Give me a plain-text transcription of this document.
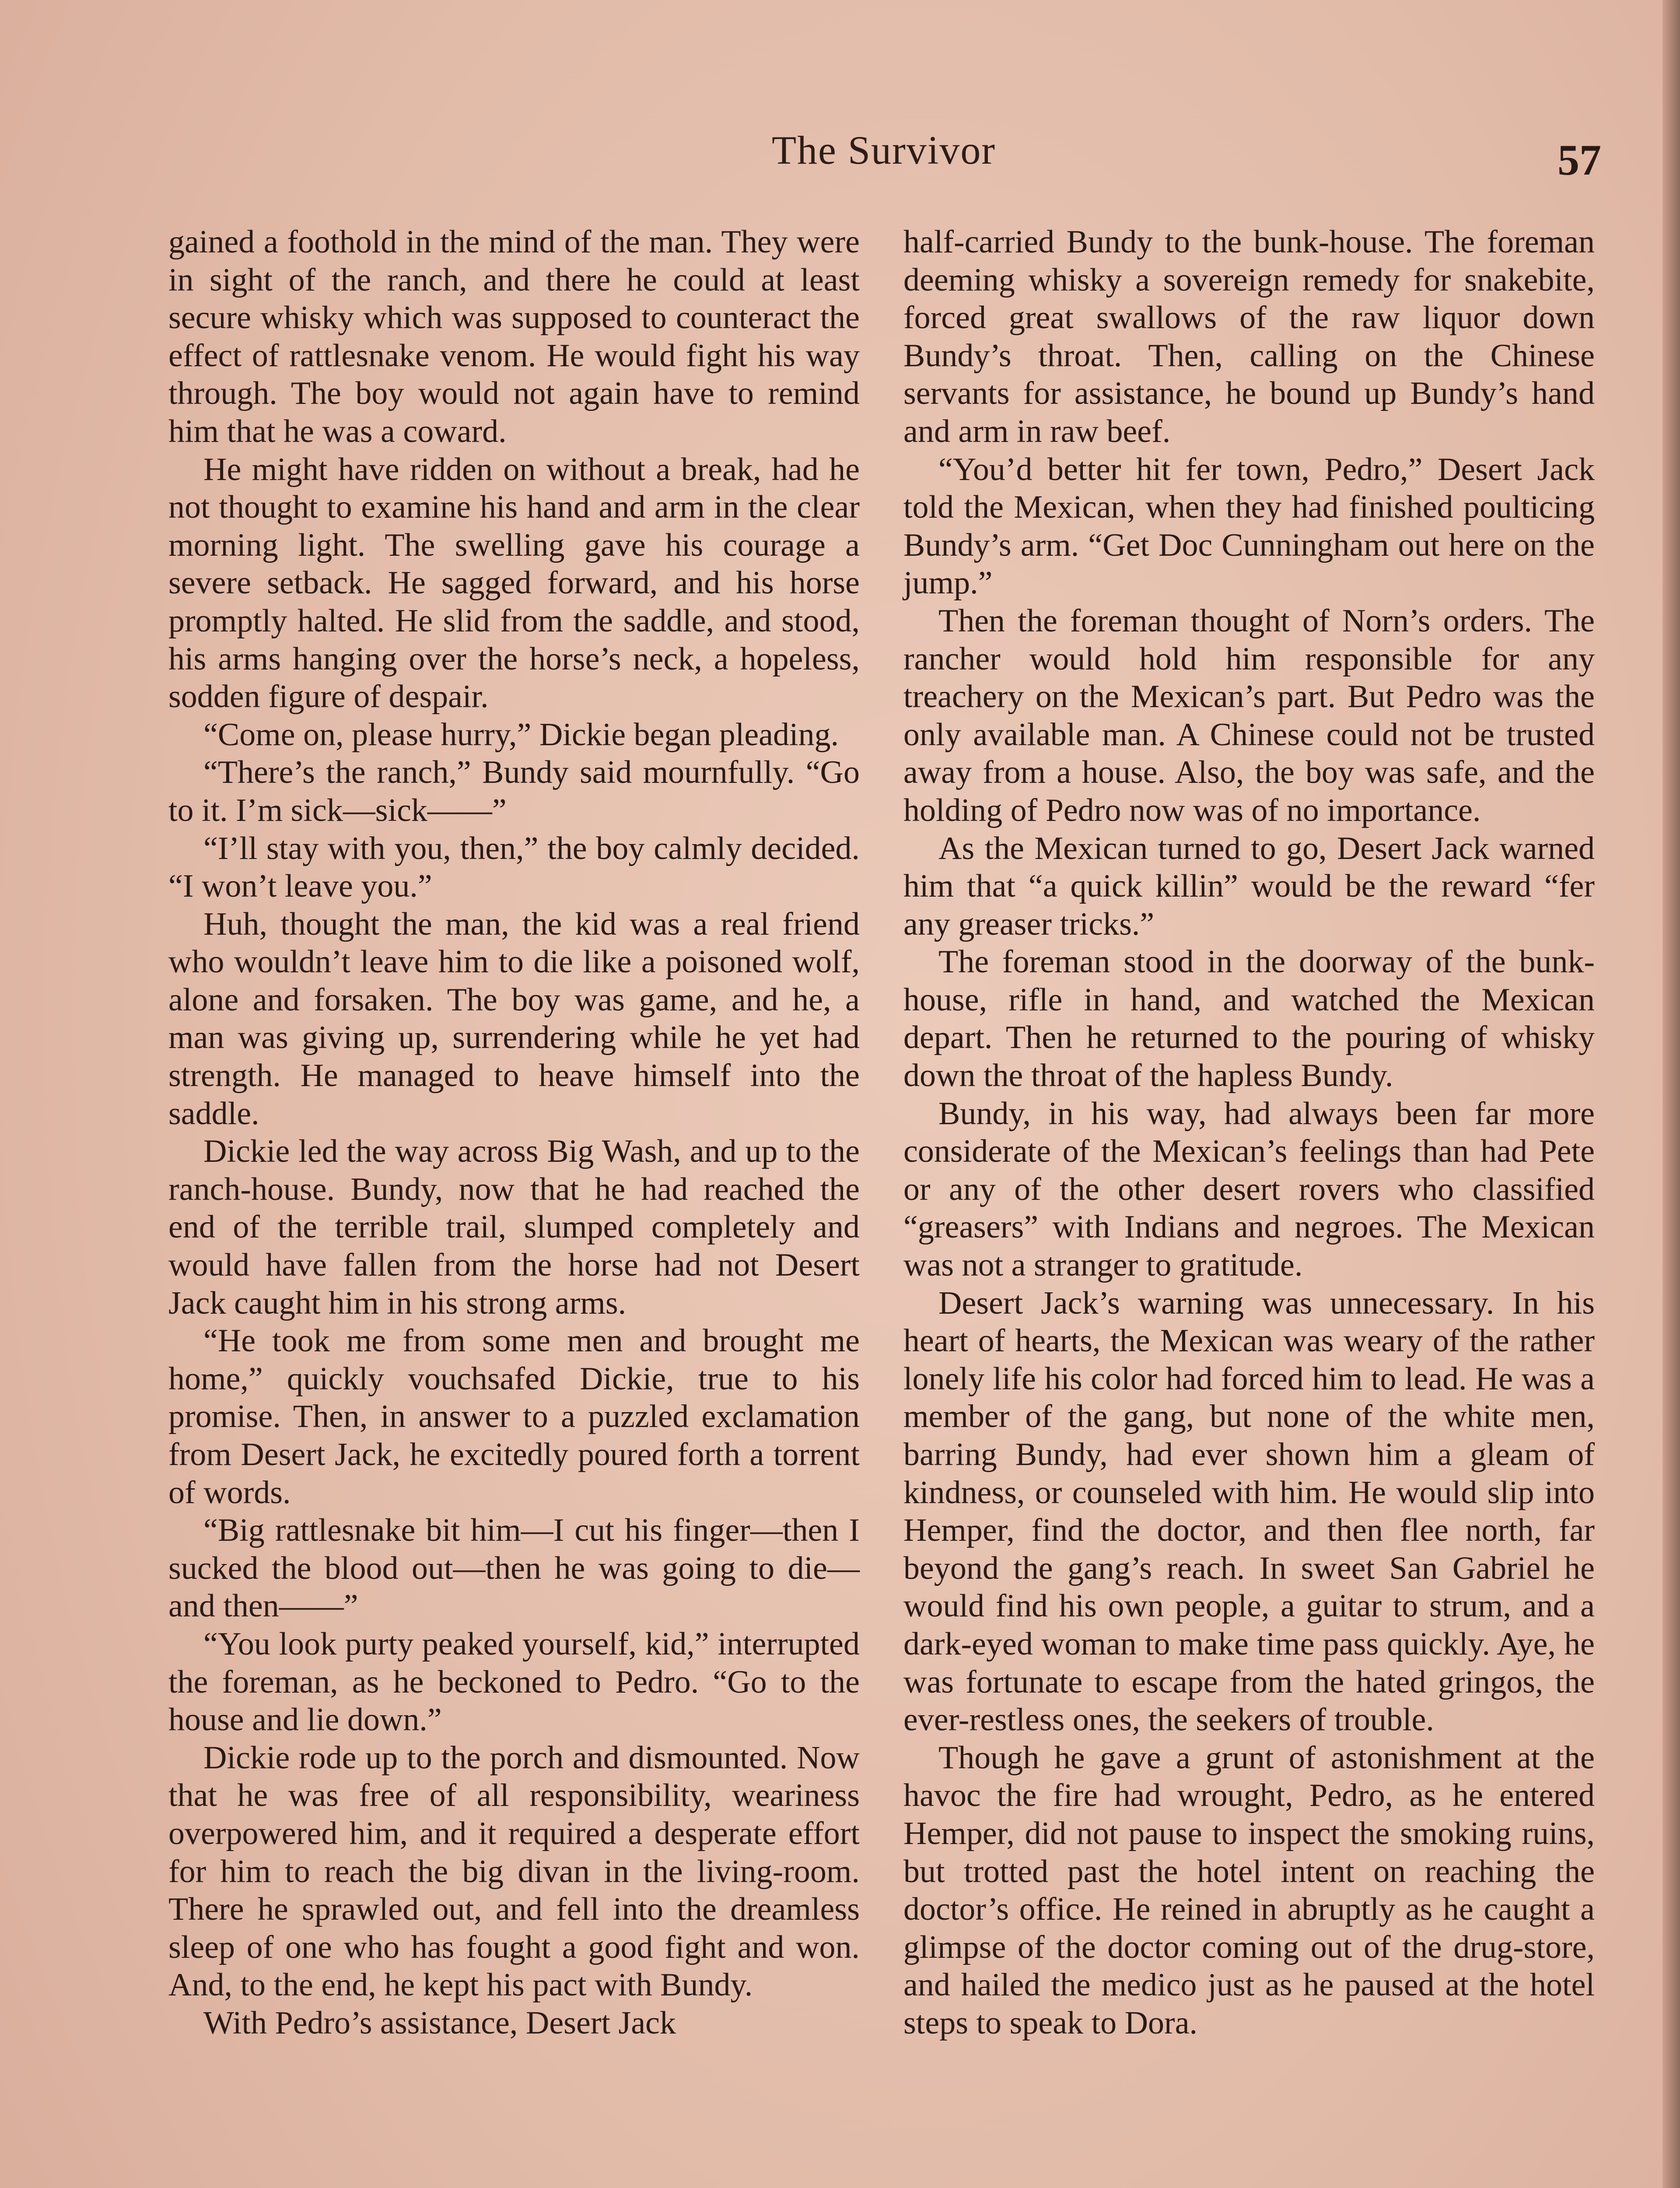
The Survivor	57

gained a foothold in the mind of the man. They were in sight of the ranch, and there he could at least secure whisky which was supposed to counteract the effect of rattlesnake venom. He would fight his way through. The boy would not again have to remind him that he was a coward.

He might have ridden on without a break, had he not thought to examine his hand and arm in the clear morning light. The swelling gave his courage a severe setback. He sagged forward, and his horse promptly halted. He slid from the saddle, and stood, his arms hanging over the horse’s neck, a hopeless, sodden figure of despair.

“Come on, please hurry,” Dickie began pleading.

“There’s the ranch,” Bundy said mournfully. “Go to it. I’m sick—sick——”

“I’ll stay with you, then,” the boy calmly decided. “I won’t leave you.”

Huh, thought the man, the kid was a real friend who wouldn’t leave him to die like a poisoned wolf, alone and forsaken. The boy was game, and he, a man was giving up, surrendering while he yet had strength. He managed to heave himself into the saddle.

Dickie led the way across Big Wash, and up to the ranch-house. Bundy, now that he had reached the end of the terrible trail, slumped completely and would have fallen from the horse had not Desert Jack caught him in his strong arms.

“He took me from some men and brought me home,” quickly vouchsafed Dickie, true to his promise. Then, in answer to a puzzled exclamation from Desert Jack, he excitedly poured forth a torrent of words.

“Big rattlesnake bit him—I cut his finger—then I sucked the blood out—then he was going to die—and then——”

“You look purty peaked yourself, kid,” interrupted the foreman, as he beckoned to Pedro. “Go to the house and lie down.”

Dickie rode up to the porch and dismounted. Now that he was free of all responsibility, weariness overpowered him, and it required a desperate effort for him to reach the big divan in the living-room. There he sprawled out, and fell into the dreamless sleep of one who has fought a good fight and won. And, to the end, he kept his pact with Bundy.

With Pedro’s assistance, Desert Jack

half-carried Bundy to the bunk-house. The foreman deeming whisky a sovereign remedy for snakebite, forced great swallows of the raw liquor down Bundy’s throat. Then, calling on the Chinese servants for assistance, he bound up Bundy’s hand and arm in raw beef.

“You’d better hit fer town, Pedro,” Desert Jack told the Mexican, when they had finished poulticing Bundy’s arm. “Get Doc Cunningham out here on the jump.”

Then the foreman thought of Norn’s orders. The rancher would hold him responsible for any treachery on the Mexican’s part. But Pedro was the only available man. A Chinese could not be trusted away from a house. Also, the boy was safe, and the holding of Pedro now was of no importance.

As the Mexican turned to go, Desert Jack warned him that “a quick killin” would be the reward “fer any greaser tricks.”

The foreman stood in the doorway of the bunk-house, rifle in hand, and watched the Mexican depart. Then he returned to the pouring of whisky down the throat of the hapless Bundy.

Bundy, in his way, had always been far more considerate of the Mexican’s feelings than had Pete or any of the other desert rovers who classified “greasers” with Indians and negroes. The Mexican was not a stranger to gratitude.

Desert Jack’s warning was unnecessary. In his heart of hearts, the Mexican was weary of the rather lonely life his color had forced him to lead. He was a member of the gang, but none of the white men, barring Bundy, had ever shown him a gleam of kindness, or counseled with him. He would slip into Hemper, find the doctor, and then flee north, far beyond the gang’s reach. In sweet San Gabriel he would find his own people, a guitar to strum, and a dark-eyed woman to make time pass quickly. Aye, he was fortunate to escape from the hated gringos, the ever-restless ones, the seekers of trouble.

Though he gave a grunt of astonishment at the havoc the fire had wrought, Pedro, as he entered Hemper, did not pause to inspect the smoking ruins, but trotted past the hotel intent on reaching the doctor’s office. He reined in abruptly as he caught a glimpse of the doctor coming out of the drug-store, and hailed the medico just as he paused at the hotel steps to speak to Dora.
